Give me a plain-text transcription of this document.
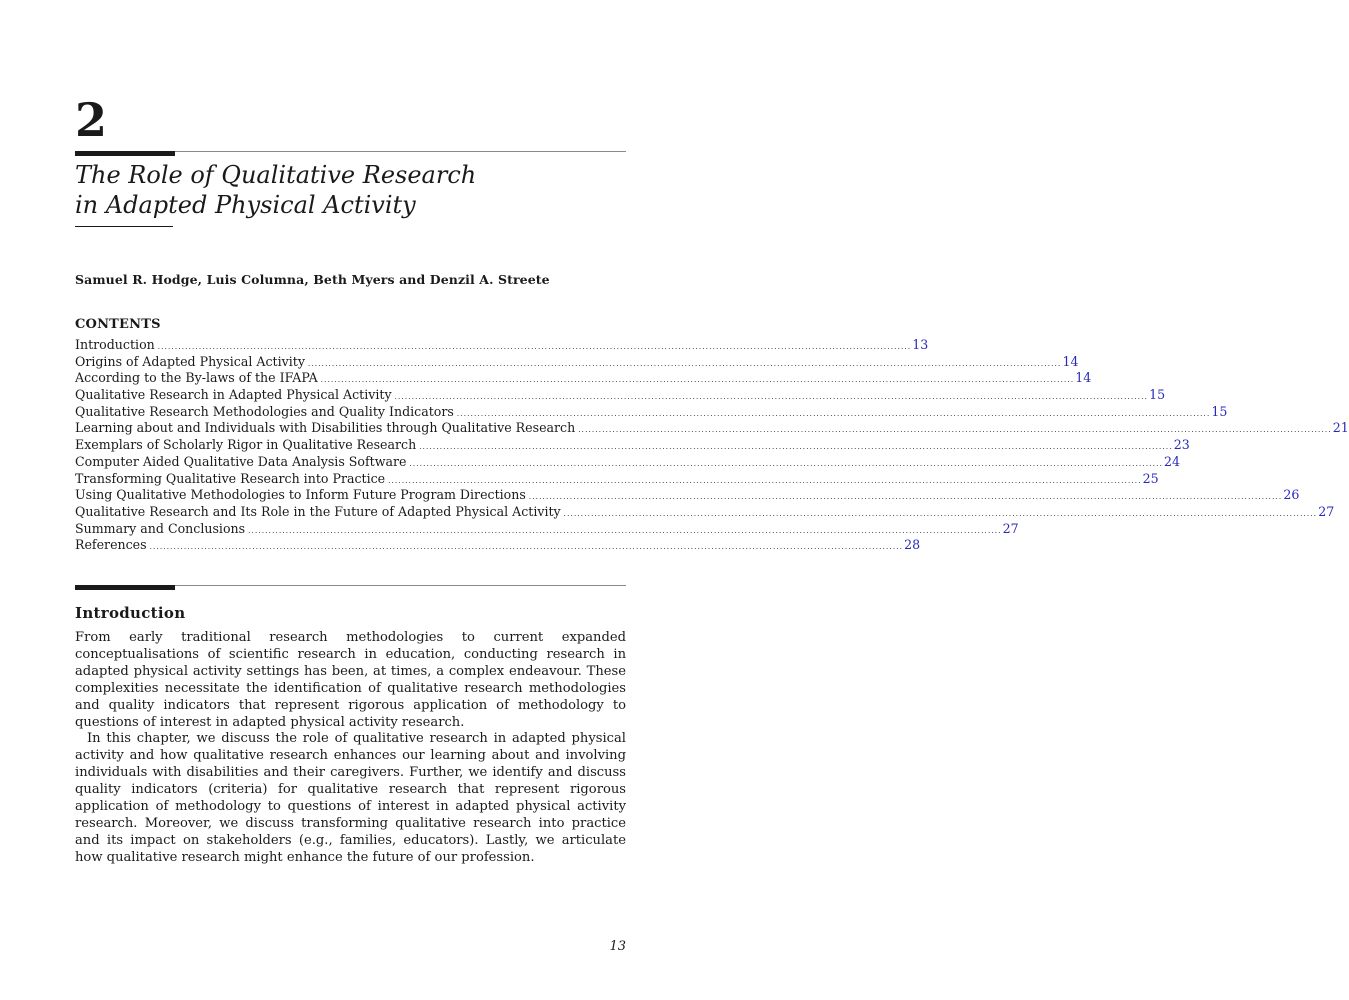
2
The Role of Qualitative Research
in Adapted Physical Activity
Samuel R. Hodge, Luis Columna, Beth Myers and Denzil A. Streete
CONTENTS
Introduction ............................................................................................................................................................................................................................ 13
Origins of Adapted Physical Activity ............................................................................................................................................................................................................................ 14
According to the By-laws of the IFAPA ............................................................................................................................................................................................................................ 14
Qualitative Research in Adapted Physical Activity ............................................................................................................................................................................................................................ 15
Qualitative Research Methodologies and Quality Indicators ............................................................................................................................................................................................................................ 15
Learning about and Individuals with Disabilities through Qualitative Research ............................................................................................................................................................................................................................ 21
Exemplars of Scholarly Rigor in Qualitative Research ............................................................................................................................................................................................................................ 23
Computer Aided Qualitative Data Analysis Software ............................................................................................................................................................................................................................ 24
Transforming Qualitative Research into Practice ............................................................................................................................................................................................................................ 25
Using Qualitative Methodologies to Inform Future Program Directions ............................................................................................................................................................................................................................ 26
Qualitative Research and Its Role in the Future of Adapted Physical Activity ............................................................................................................................................................................................................................ 27
Summary and Conclusions ............................................................................................................................................................................................................................ 27
References ............................................................................................................................................................................................................................ 28
Introduction

From early traditional research methodologies to current expanded conceptualisations of scientific research in education, conducting research in adapted physical activity settings has been, at times, a complex endeavour. These complexities necessitate the identification of qualitative research methodologies and quality indicators that represent rigorous application of methodology to questions of interest in adapted physical activity research.

In this chapter, we discuss the role of qualitative research in adapted physical activity and how qualitative research enhances our learning about and involving individuals with disabilities and their caregivers. Further, we identify and discuss quality indicators (criteria) for qualitative research that represent rigorous application of methodology to questions of interest in adapted physical activity research. Moreover, we discuss transforming qualitative research into practice and its impact on stakeholders (e.g., families, educators). Lastly, we articulate how qualitative research might enhance the future of our profession.

13
